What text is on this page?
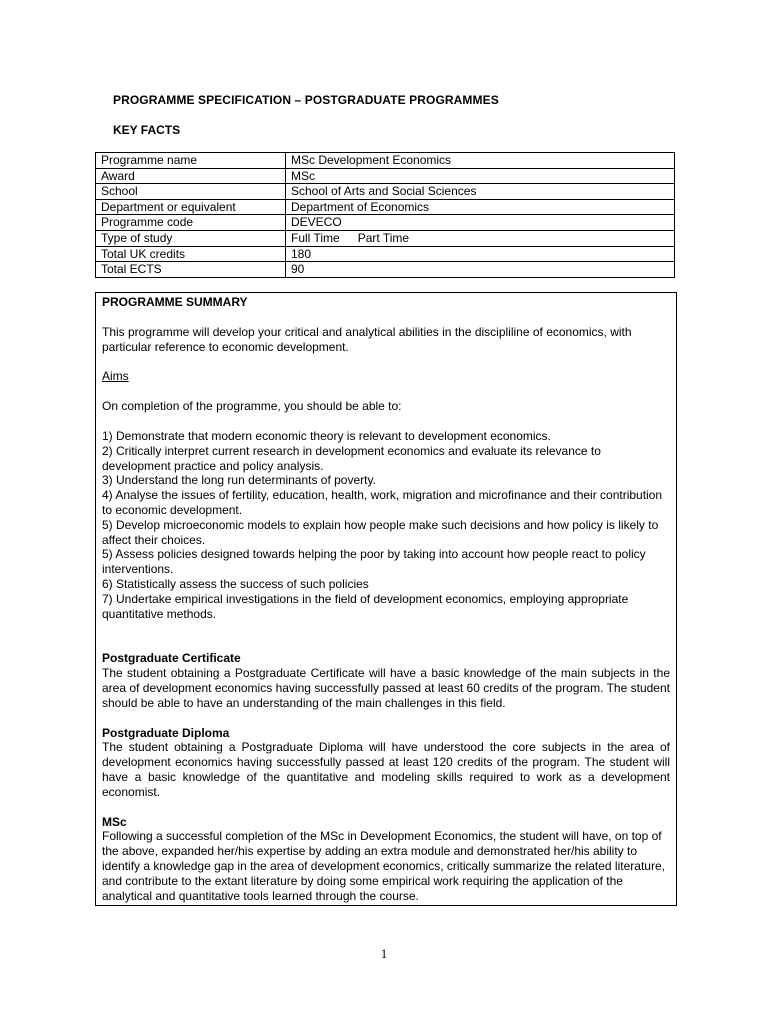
PROGRAMME SPECIFICATION – POSTGRADUATE PROGRAMMES
KEY FACTS
Programme name	MSc Development Economics
Award	MSc
School	School of Arts and Social Sciences
Department or equivalent	Department of Economics
Programme code	DEVECO
Type of study	Full Time Part Time
Total UK credits	180
Total ECTS	90

PROGRAMME SUMMARY

This programme will develop your critical and analytical abilities in the discipliline of economics, with particular reference to economic development.

Aims

On completion of the programme, you should be able to:

1) Demonstrate that modern economic theory is relevant to development economics.

2) Critically interpret current research in development economics and evaluate its relevance to development practice and policy analysis.

3) Understand the long run determinants of poverty.

4) Analyse the issues of fertility, education, health, work, migration and microfinance and their contribution to economic development.

5) Develop microeconomic models to explain how people make such decisions and how policy is likely to affect their choices.

5) Assess policies designed towards helping the poor by taking into account how people react to policy interventions.

6) Statistically assess the success of such policies

7) Undertake empirical investigations in the field of development economics, employing appropriate quantitative methods.

Postgraduate Certificate

The student obtaining a Postgraduate Certificate will have a basic knowledge of the main subjects in the area of development economics having successfully passed at least 60 credits of the program. The student should be able to have an understanding of the main challenges in this field.

Postgraduate Diploma

The student obtaining a Postgraduate Diploma will have understood the core subjects in the area of development economics having successfully passed at least 120 credits of the program. The student will have a basic knowledge of the quantitative and modeling skills required to work as a development economist.

MSc

Following a successful completion of the MSc in Development Economics, the student will have, on top of the above, expanded her/his expertise by adding an extra module and demonstrated her/his ability to identify a knowledge gap in the area of development economics, critically summarize the related literature, and contribute to the extant literature by doing some empirical work requiring the application of the analytical and quantitative tools learned through the course.

1
